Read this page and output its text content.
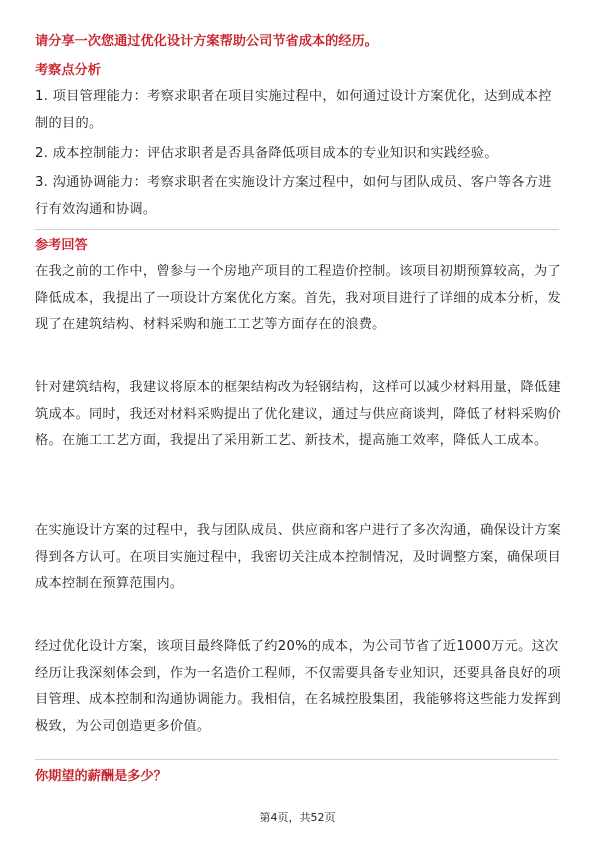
请分享一次您通过优化设计方案帮助公司节省成本的经历。
考察点分析

1. 项目管理能力：考察求职者在项目实施过程中，如何通过设计方案优化，达到成本控制的目的。

2. 成本控制能力：评估求职者是否具备降低项目成本的专业知识和实践经验。

3. 沟通协调能力：考察求职者在实施设计方案过程中，如何与团队成员、客户等各方进行有效沟通和协调。

参考回答

在我之前的工作中，曾参与一个房地产项目的工程造价控制。该项目初期预算较高，为了降低成本，我提出了一项设计方案优化方案。首先，我对项目进行了详细的成本分析，发现了在建筑结构、材料采购和施工工艺等方面存在的浪费。

针对建筑结构，我建议将原本的框架结构改为轻钢结构，这样可以减少材料用量，降低建筑成本。同时，我还对材料采购提出了优化建议，通过与供应商谈判，降低了材料采购价格。在施工工艺方面，我提出了采用新工艺、新技术，提高施工效率，降低人工成本。

在实施设计方案的过程中，我与团队成员、供应商和客户进行了多次沟通，确保设计方案得到各方认可。在项目实施过程中，我密切关注成本控制情况，及时调整方案，确保项目成本控制在预算范围内。

经过优化设计方案，该项目最终降低了约20%的成本，为公司节省了近1000万元。这次经历让我深刻体会到，作为一名造价工程师，不仅需要具备专业知识，还要具备良好的项目管理、成本控制和沟通协调能力。我相信，在名城控股集团，我能够将这些能力发挥到极致，为公司创造更多价值。

你期望的薪酬是多少？
第4页，共52页
